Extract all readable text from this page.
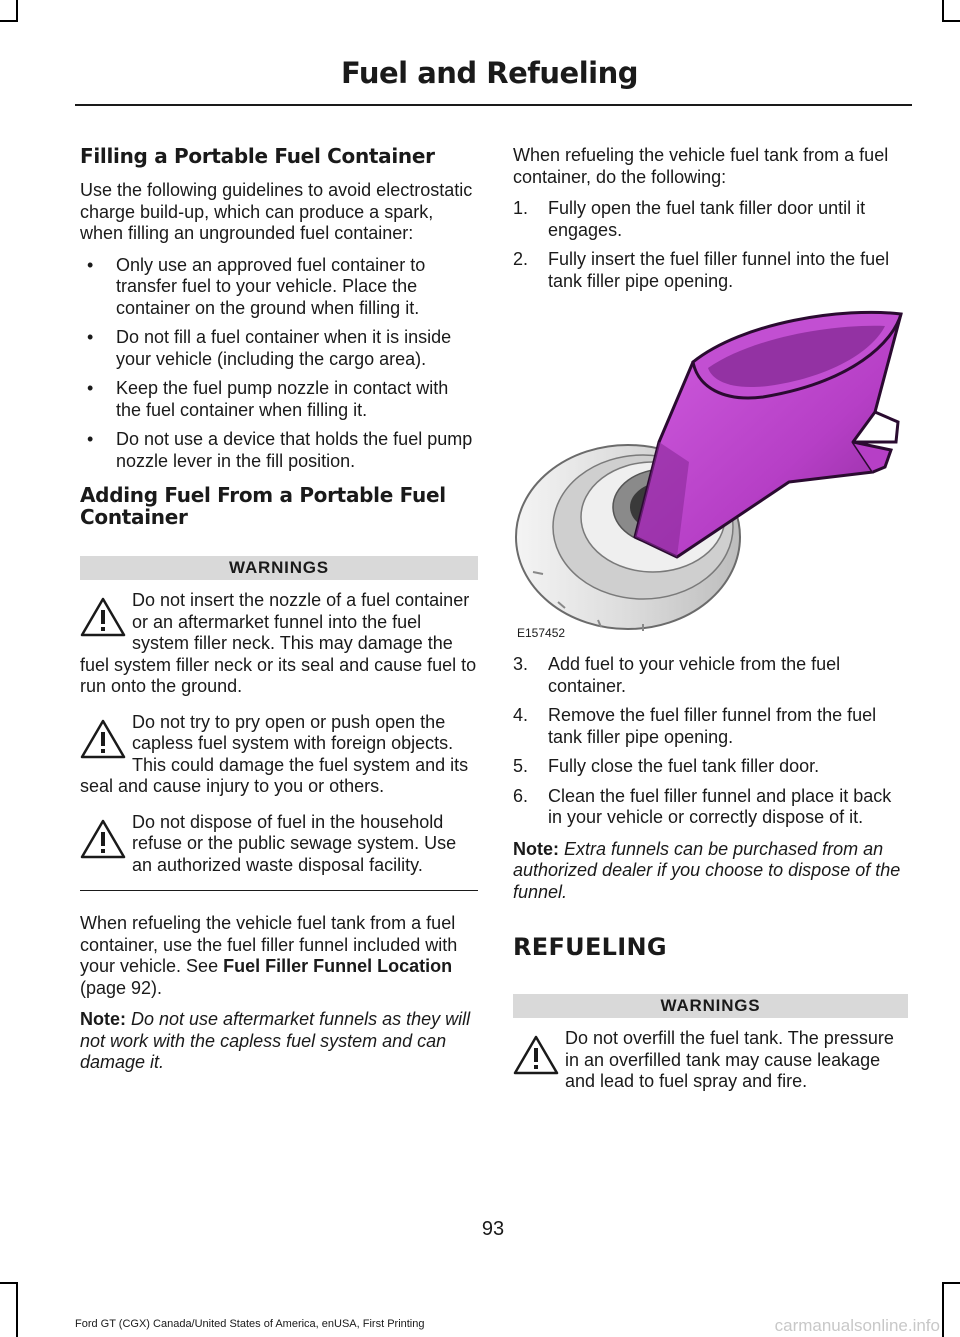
Fuel and Refueling
Filling a Portable Fuel Container

Use the following guidelines to avoid electrostatic charge build-up, which can produce a spark, when filling an ungrounded fuel container:

• Only use an approved fuel container to transfer fuel to your vehicle. Place the container on the ground when filling it.
• Do not fill a fuel container when it is inside your vehicle (including the cargo area).
• Keep the fuel pump nozzle in contact with the fuel container when filling it.
• Do not use a device that holds the fuel pump nozzle lever in the fill position.
Adding Fuel From a Portable Fuel Container
WARNINGS
Do not insert the nozzle of a fuel container or an aftermarket funnel into the fuel system filler neck. This may damage the fuel system filler neck or its seal and cause fuel to run onto the ground.
Do not try to pry open or push open the capless fuel system with foreign objects. This could damage the fuel system and its seal and cause injury to you or others.
Do not dispose of fuel in the household refuse or the public sewage system. Use an authorized waste disposal facility.

When refueling the vehicle fuel tank from a fuel container, use the fuel filler funnel included with your vehicle. See Fuel Filler Funnel Location (page 92).

Note: Do not use aftermarket funnels as they will not work with the capless fuel system and can damage it.

When refueling the vehicle fuel tank from a fuel container, do the following:

1. Fully open the fuel tank filler door until it engages.
2. Fully insert the fuel filler funnel into the fuel tank filler pipe opening.
E157452
3. Add fuel to your vehicle from the fuel container.
4. Remove the fuel filler funnel from the fuel tank filler pipe opening.
5. Fully close the fuel tank filler door.
6. Clean the fuel filler funnel and place it back in your vehicle or correctly dispose of it.

Note: Extra funnels can be purchased from an authorized dealer if you choose to dispose of the funnel.

REFUELING
WARNINGS
Do not overfill the fuel tank. The pressure in an overfilled tank may cause leakage and lead to fuel spray and fire.
93
Ford GT (CGX) Canada/United States of America, enUSA, First Printing	carmanualsonline.info
